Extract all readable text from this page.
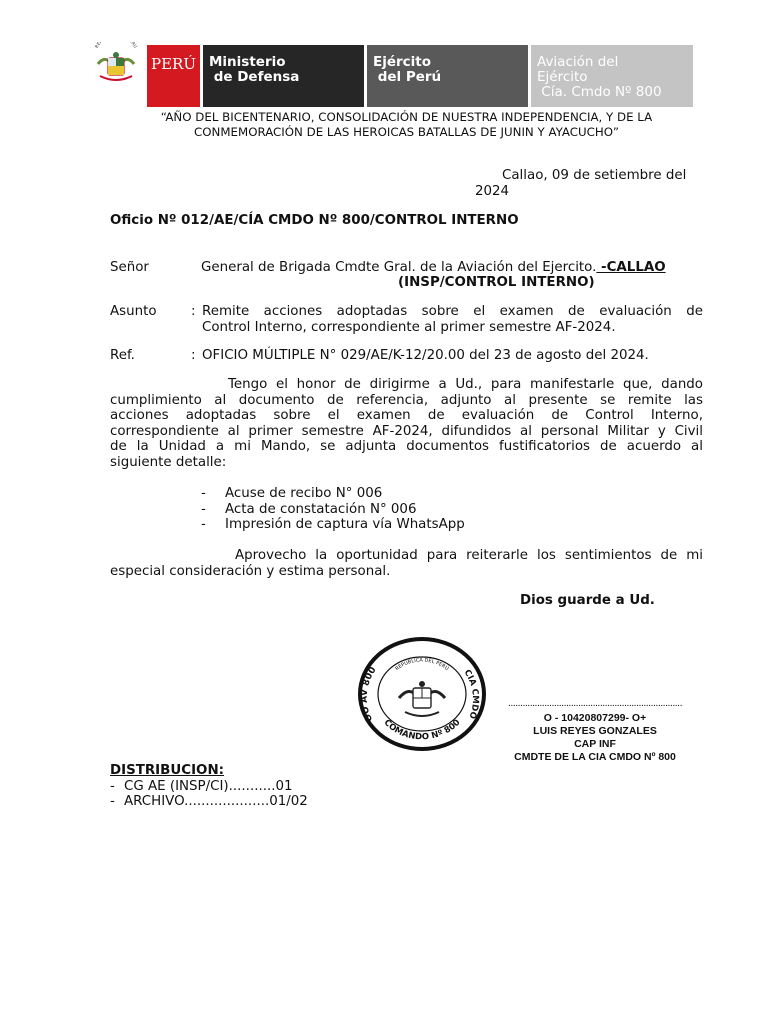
REP RÚ
PERÚ Ministerio
de Defensa
Ejército
del Perú
Aviación del
Ejército
Cía. Cmdo Nº 800
“AÑO DEL BICENTENARIO, CONSOLIDACIÓN DE NUESTRA INDEPENDENCIA, Y DE LA
CONMEMORACIÓN DE LAS HEROICAS BATALLAS DE JUNIN Y AYACUCHO”
Callao, 09 de setiembre del
2024
Oficio Nº 012/AE/CÍA CMDO Nº 800/CONTROL INTERNO
Señor	General de Brigada Cmdte Gral. de la Aviación del Ejercito. -CALLAO
(INSP/CONTROL INTERNO)
Asunto	: Remite acciones adoptadas sobre el examen de evaluación de
Control Interno, correspondiente al primer semestre AF-2024.
Ref.	: OFICIO MÚLTIPLE N° 029/AE/K-12/20.00 del 23 de agosto del 2024.
Tengo el honor de dirigirme a Ud., para manifestarle que, dando
cumplimiento al documento de referencia, adjunto al presente se remite las
acciones adoptadas sobre el examen de evaluación de Control Interno,
correspondiente al primer semestre AF-2024, difundidos al personal Militar y Civil
de la Unidad a mi Mando, se adjunta documentos fustificatorios de acuerdo al
siguiente detalle:
-	Acuse de recibo N° 006
-	Acta de constatación N° 006
-	Impresión de captura vía WhatsApp
Aprovecho la oportunidad para reiterarle los sentimientos de mi
especial consideración y estima personal.
Dios guarde a Ud.
REPÚBLICA DEL PERÚ
OO AV 800
COMANDO Nº 800
CIA CMDO
........................................................................
O - 10420807299- O+
LUIS REYES GONZALES
CAP INF
CMDTE DE LA CIA CMDO Nº 800
DISTRIBUCION:
- CG AE (INSP/CI)...........01
- ARCHIVO....................01/02
